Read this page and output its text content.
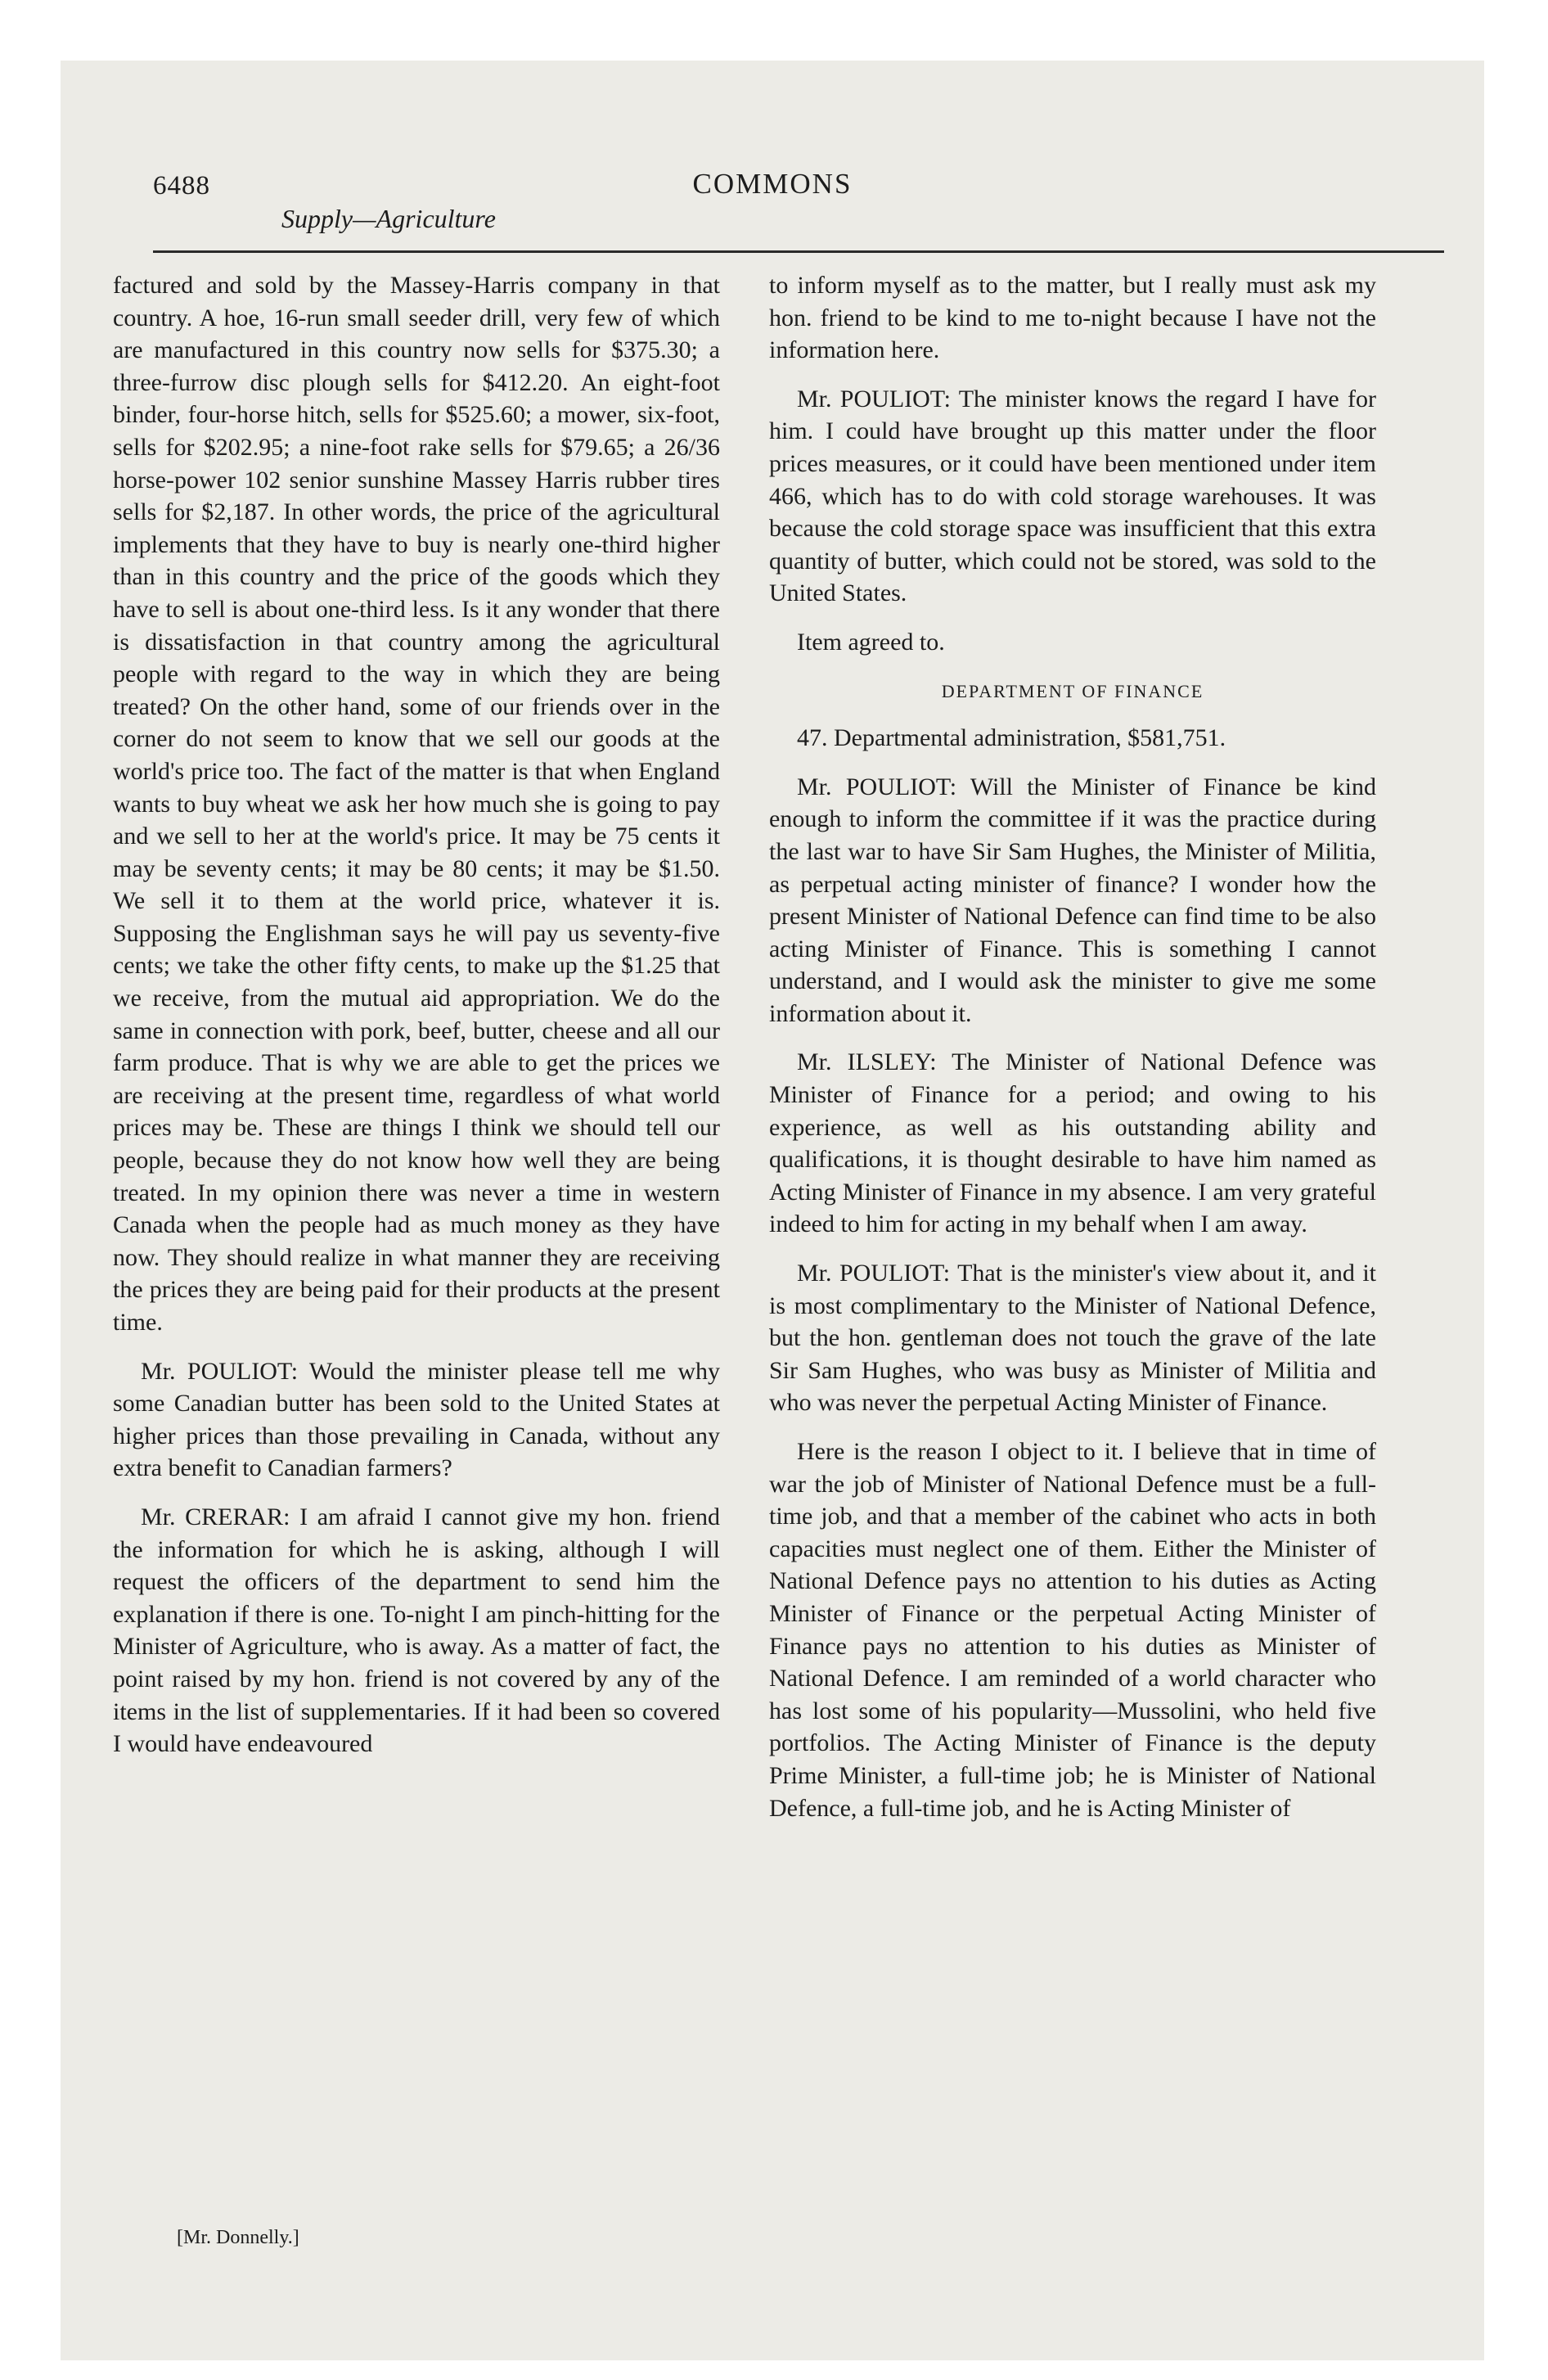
6488	COMMONS

Supply—Agriculture

factured and sold by the Massey-Harris company in that country. A hoe, 16-run small seeder drill, very few of which are manufactured in this country now sells for $375.30; a three-furrow disc plough sells for $412.20. An eight-foot binder, four-horse hitch, sells for $525.60; a mower, six-foot, sells for $202.95; a nine-foot rake sells for $79.65; a 26/36 horse-power 102 senior sunshine Massey Harris rubber tires sells for $2,187. In other words, the price of the agricultural implements that they have to buy is nearly one-third higher than in this country and the price of the goods which they have to sell is about one-third less. Is it any wonder that there is dissatisfaction in that country among the agricultural people with regard to the way in which they are being treated? On the other hand, some of our friends over in the corner do not seem to know that we sell our goods at the world's price too. The fact of the matter is that when England wants to buy wheat we ask her how much she is going to pay and we sell to her at the world's price. It may be 75 cents it may be seventy cents; it may be 80 cents; it may be $1.50. We sell it to them at the world price, whatever it is. Supposing the Englishman says he will pay us seventy-five cents; we take the other fifty cents, to make up the $1.25 that we receive, from the mutual aid appropriation. We do the same in connection with pork, beef, butter, cheese and all our farm produce. That is why we are able to get the prices we are receiving at the present time, regardless of what world prices may be. These are things I think we should tell our people, because they do not know how well they are being treated. In my opinion there was never a time in western Canada when the people had as much money as they have now. They should realize in what manner they are receiving the prices they are being paid for their products at the present time.

Mr. POULIOT: Would the minister please tell me why some Canadian butter has been sold to the United States at higher prices than those prevailing in Canada, without any extra benefit to Canadian farmers?

Mr. CRERAR: I am afraid I cannot give my hon. friend the information for which he is asking, although I will request the officers of the department to send him the explanation if there is one. To-night I am pinch-hitting for the Minister of Agriculture, who is away. As a matter of fact, the point raised by my hon. friend is not covered by any of the items in the list of supplementaries. If it had been so covered I would have endeavoured

to inform myself as to the matter, but I really must ask my hon. friend to be kind to me to-night because I have not the information here.

Mr. POULIOT: The minister knows the regard I have for him. I could have brought up this matter under the floor prices measures, or it could have been mentioned under item 466, which has to do with cold storage warehouses. It was because the cold storage space was insufficient that this extra quantity of butter, which could not be stored, was sold to the United States.

Item agreed to.

DEPARTMENT OF FINANCE

47. Departmental administration, $581,751.

Mr. POULIOT: Will the Minister of Finance be kind enough to inform the committee if it was the practice during the last war to have Sir Sam Hughes, the Minister of Militia, as perpetual acting minister of finance? I wonder how the present Minister of National Defence can find time to be also acting Minister of Finance. This is something I cannot understand, and I would ask the minister to give me some information about it.

Mr. ILSLEY: The Minister of National Defence was Minister of Finance for a period; and owing to his experience, as well as his outstanding ability and qualifications, it is thought desirable to have him named as Acting Minister of Finance in my absence. I am very grateful indeed to him for acting in my behalf when I am away.

Mr. POULIOT: That is the minister's view about it, and it is most complimentary to the Minister of National Defence, but the hon. gentleman does not touch the grave of the late Sir Sam Hughes, who was busy as Minister of Militia and who was never the perpetual Acting Minister of Finance.

Here is the reason I object to it. I believe that in time of war the job of Minister of National Defence must be a full-time job, and that a member of the cabinet who acts in both capacities must neglect one of them. Either the Minister of National Defence pays no attention to his duties as Acting Minister of Finance or the perpetual Acting Minister of Finance pays no attention to his duties as Minister of National Defence. I am reminded of a world character who has lost some of his popularity—Mussolini, who held five portfolios. The Acting Minister of Finance is the deputy Prime Minister, a full-time job; he is Minister of National Defence, a full-time job, and he is Acting Minister of

[Mr. Donnelly.]
